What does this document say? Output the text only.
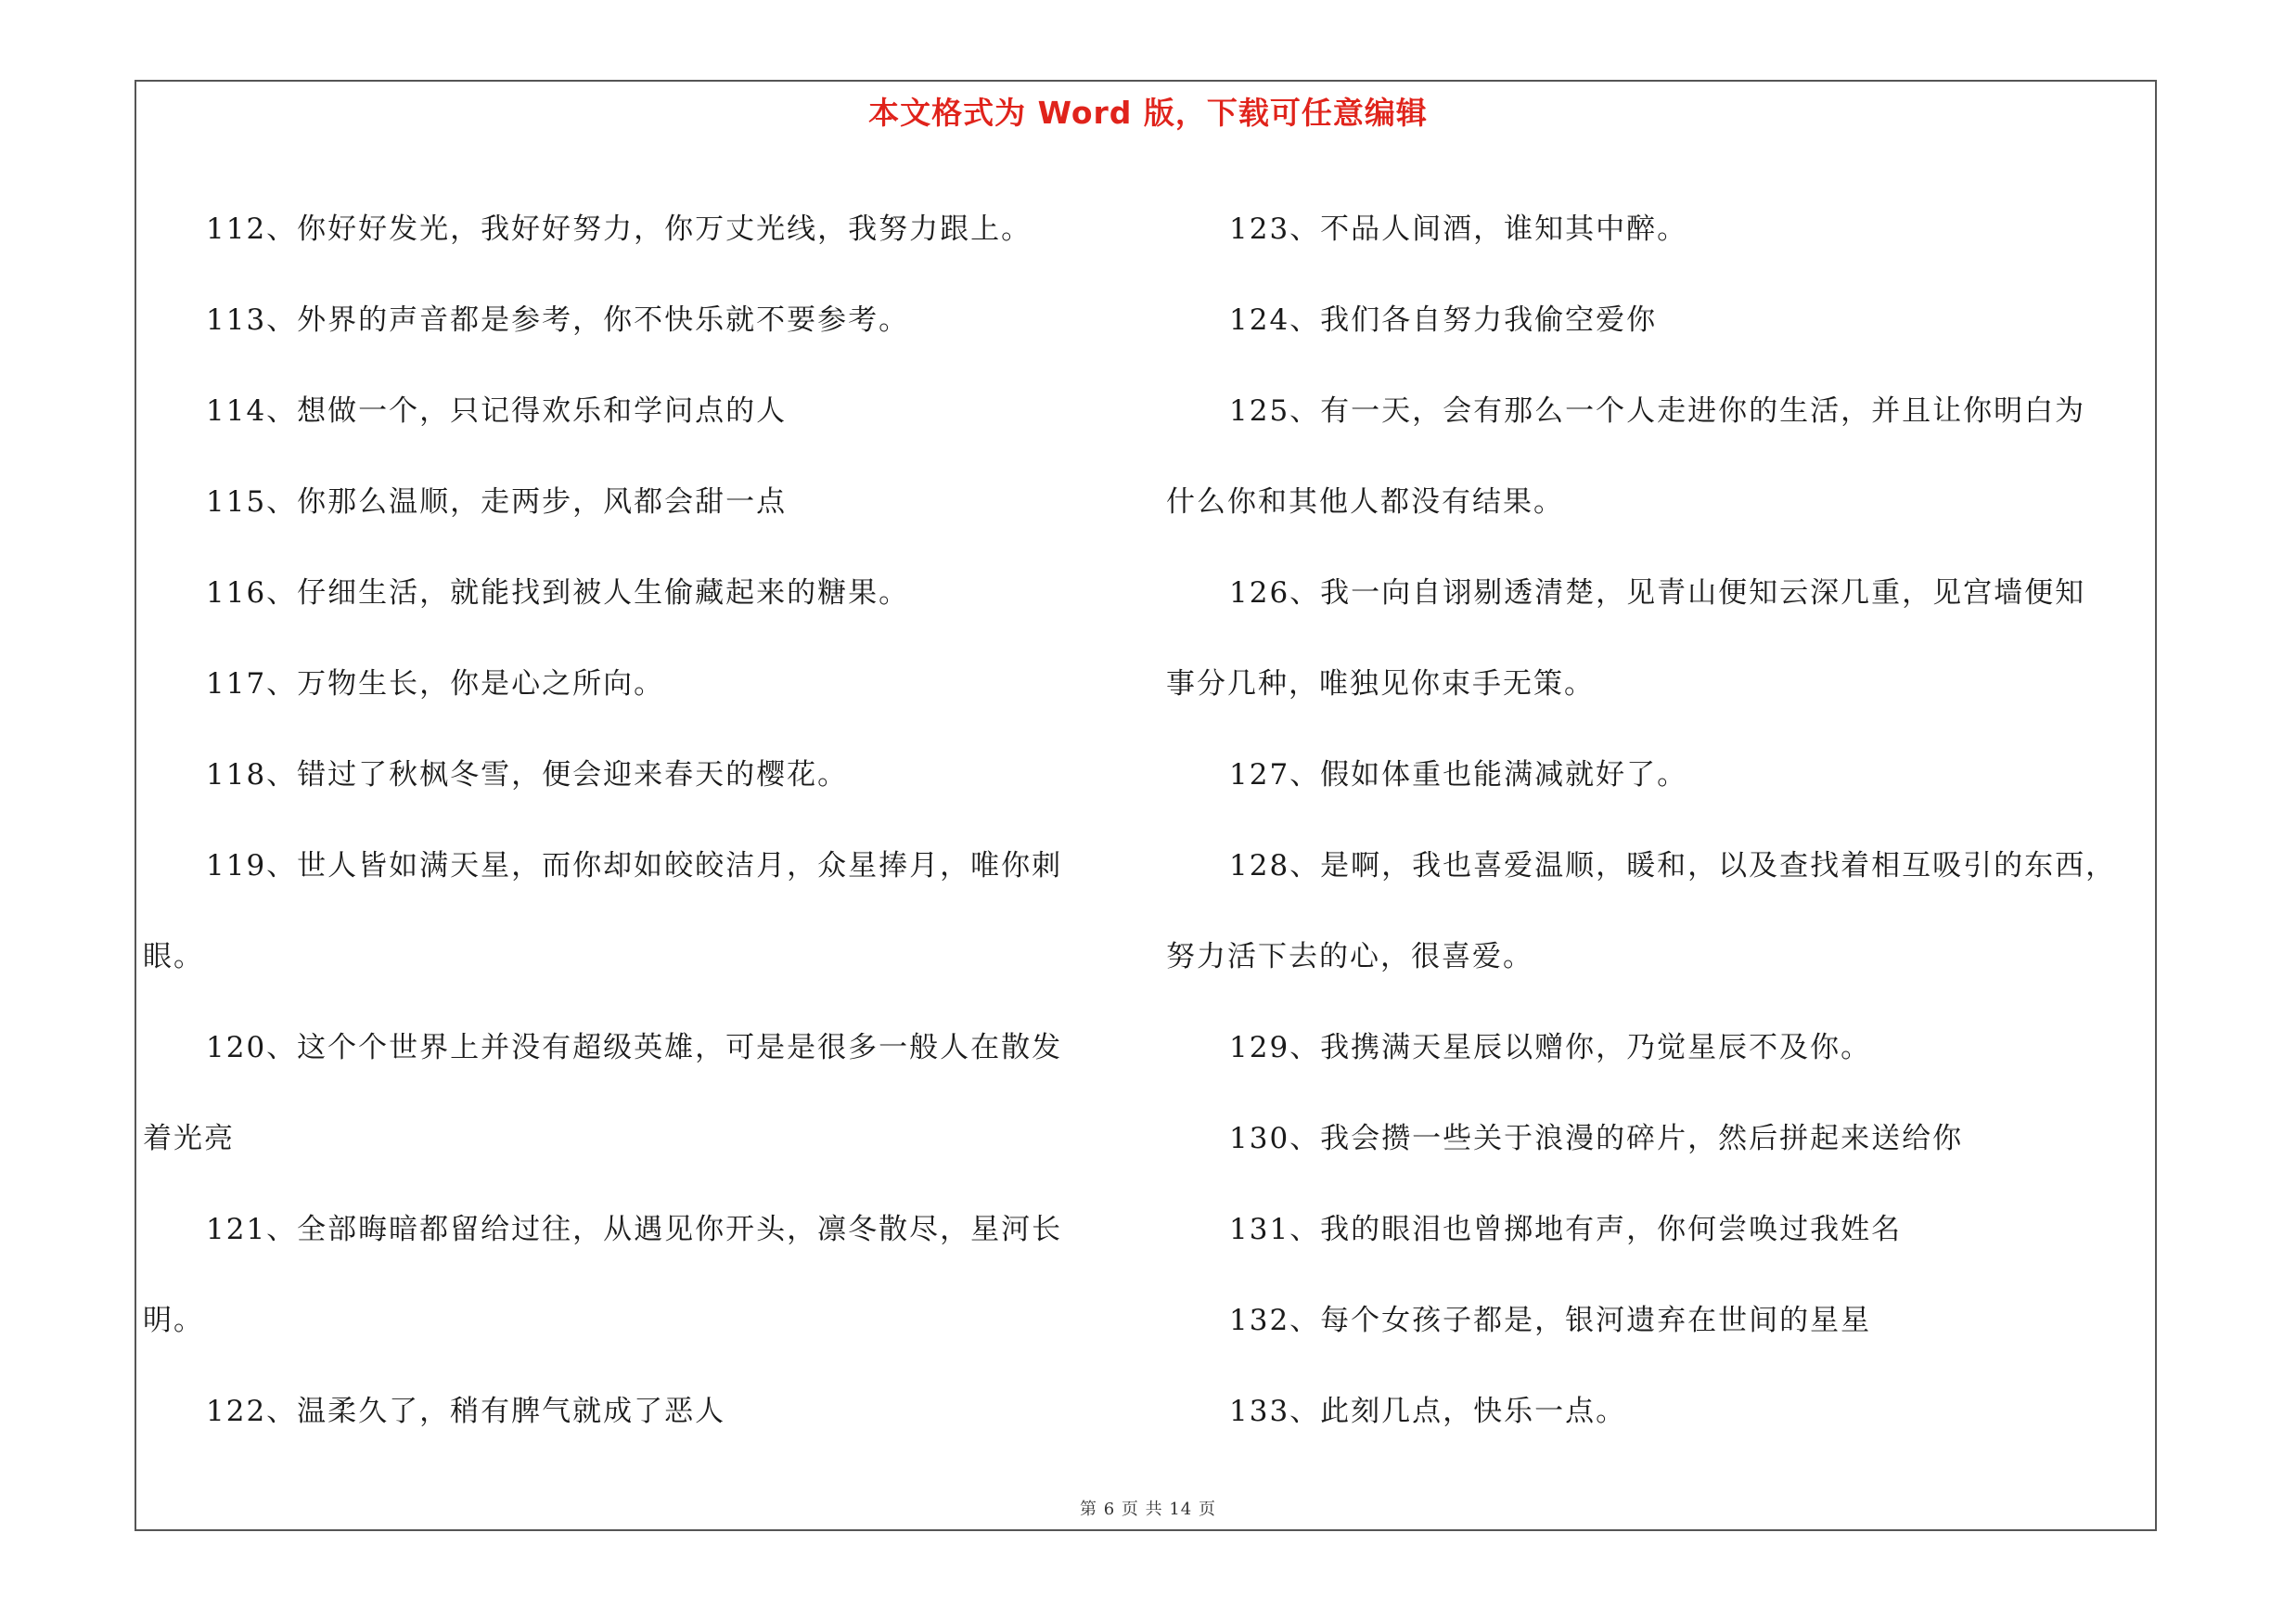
本文格式为 Word 版，下载可任意编辑
112、你好好发光，我好好努力，你万丈光线，我努力跟上。
113、外界的声音都是参考，你不快乐就不要参考。
114、想做一个，只记得欢乐和学问点的人
115、你那么温顺，走两步，风都会甜一点
116、仔细生活，就能找到被人生偷藏起来的糖果。
117、万物生长，你是心之所向。
118、错过了秋枫冬雪，便会迎来春天的樱花。
119、世人皆如满天星，而你却如皎皎洁月，众星捧月，唯你刺
眼。
120、这个个世界上并没有超级英雄，可是是很多一般人在散发
着光亮
121、全部晦暗都留给过往，从遇见你开头，凛冬散尽，星河长
明。
122、温柔久了，稍有脾气就成了恶人
123、不品人间酒，谁知其中醉。
124、我们各自努力我偷空爱你
125、有一天，会有那么一个人走进你的生活，并且让你明白为
什么你和其他人都没有结果。
126、我一向自诩剔透清楚，见青山便知云深几重，见宫墙便知
事分几种，唯独见你束手无策。
127、假如体重也能满减就好了。
128、是啊，我也喜爱温顺，暖和，以及查找着相互吸引的东西，
努力活下去的心，很喜爱。
129、我携满天星辰以赠你，乃觉星辰不及你。
130、我会攒一些关于浪漫的碎片，然后拼起来送给你
131、我的眼泪也曾掷地有声，你何尝唤过我姓名
132、每个女孩子都是，银河遗弃在世间的星星
133、此刻几点，快乐一点。
第 6 页 共 14 页
